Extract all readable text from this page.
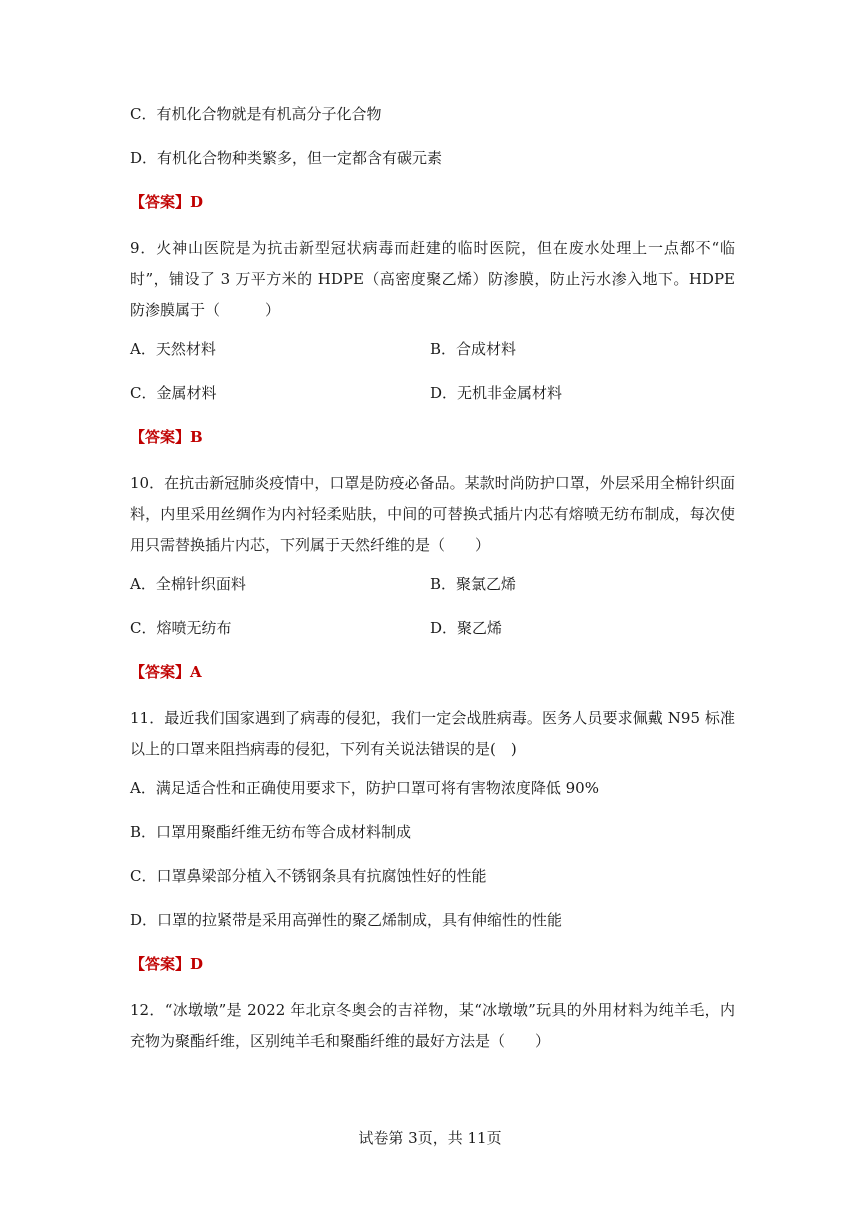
C．有机化合物就是有机高分子化合物
D．有机化合物种类繁多，但一定都含有碳元素
【答案】D
9．火神山医院是为抗击新型冠状病毒而赶建的临时医院，但在废水处理上一点都不“临时”，铺设了 3 万平方米的 HDPE（高密度聚乙烯）防渗膜，防止污水渗入地下。HDPE 防渗膜属于（　　　）
A．天然材料	B．合成材料
C．金属材料	D．无机非金属材料
【答案】B
10．在抗击新冠肺炎疫情中，口罩是防疫必备品。某款时尚防护口罩，外层采用全棉针织面料，内里采用丝绸作为内衬轻柔贴肤，中间的可替换式插片内芯有熔喷无纺布制成，每次使用只需替换插片内芯，下列属于天然纤维的是（　　）
A．全棉针织面料	B．聚氯乙烯
C．熔喷无纺布	D．聚乙烯
【答案】A
11．最近我们国家遇到了病毒的侵犯，我们一定会战胜病毒。医务人员要求佩戴 N95 标准以上的口罩来阻挡病毒的侵犯，下列有关说法错误的是(　)
A．满足适合性和正确使用要求下，防护口罩可将有害物浓度降低 90%
B．口罩用聚酯纤维无纺布等合成材料制成
C．口罩鼻梁部分植入不锈钢条具有抗腐蚀性好的性能
D．口罩的拉紧带是采用高弹性的聚乙烯制成，具有伸缩性的性能
【答案】D
12．“冰墩墩”是 2022 年北京冬奥会的吉祥物，某“冰墩墩”玩具的外用材料为纯羊毛，内充物为聚酯纤维，区别纯羊毛和聚酯纤维的最好方法是（　　）
试卷第 3页，共 11页
